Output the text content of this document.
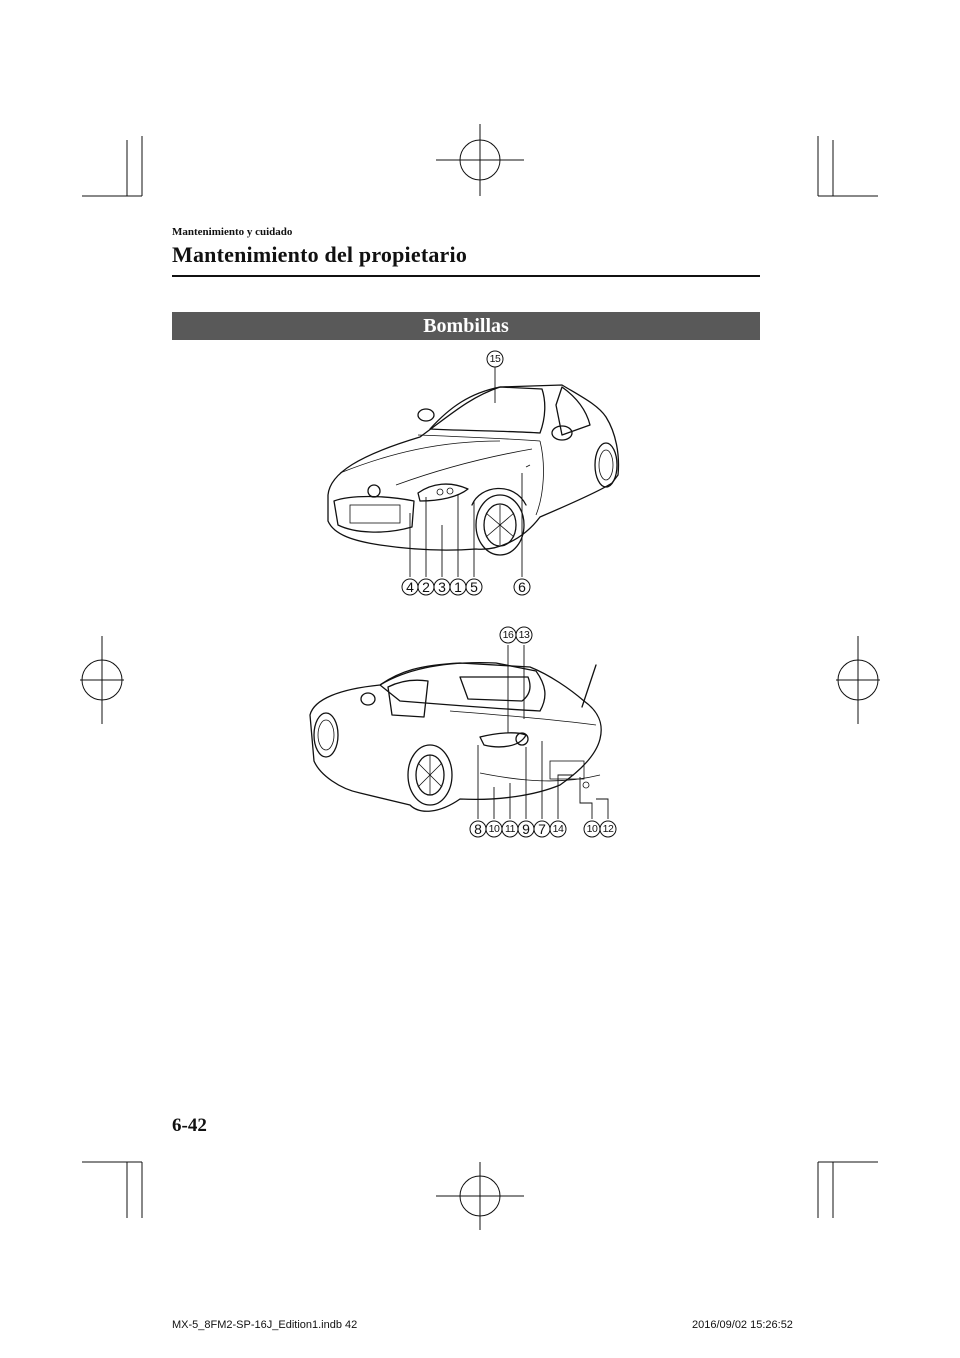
Mantenimiento y cuidado
Mantenimiento del propietario
Bombillas
15
4 2 3 1 5	6
16 13
8 10 11 9 7 14 10 12
6-42
MX-5_8FM2-SP-16J_Edition1.indb 42	2016/09/02 15:26:52
